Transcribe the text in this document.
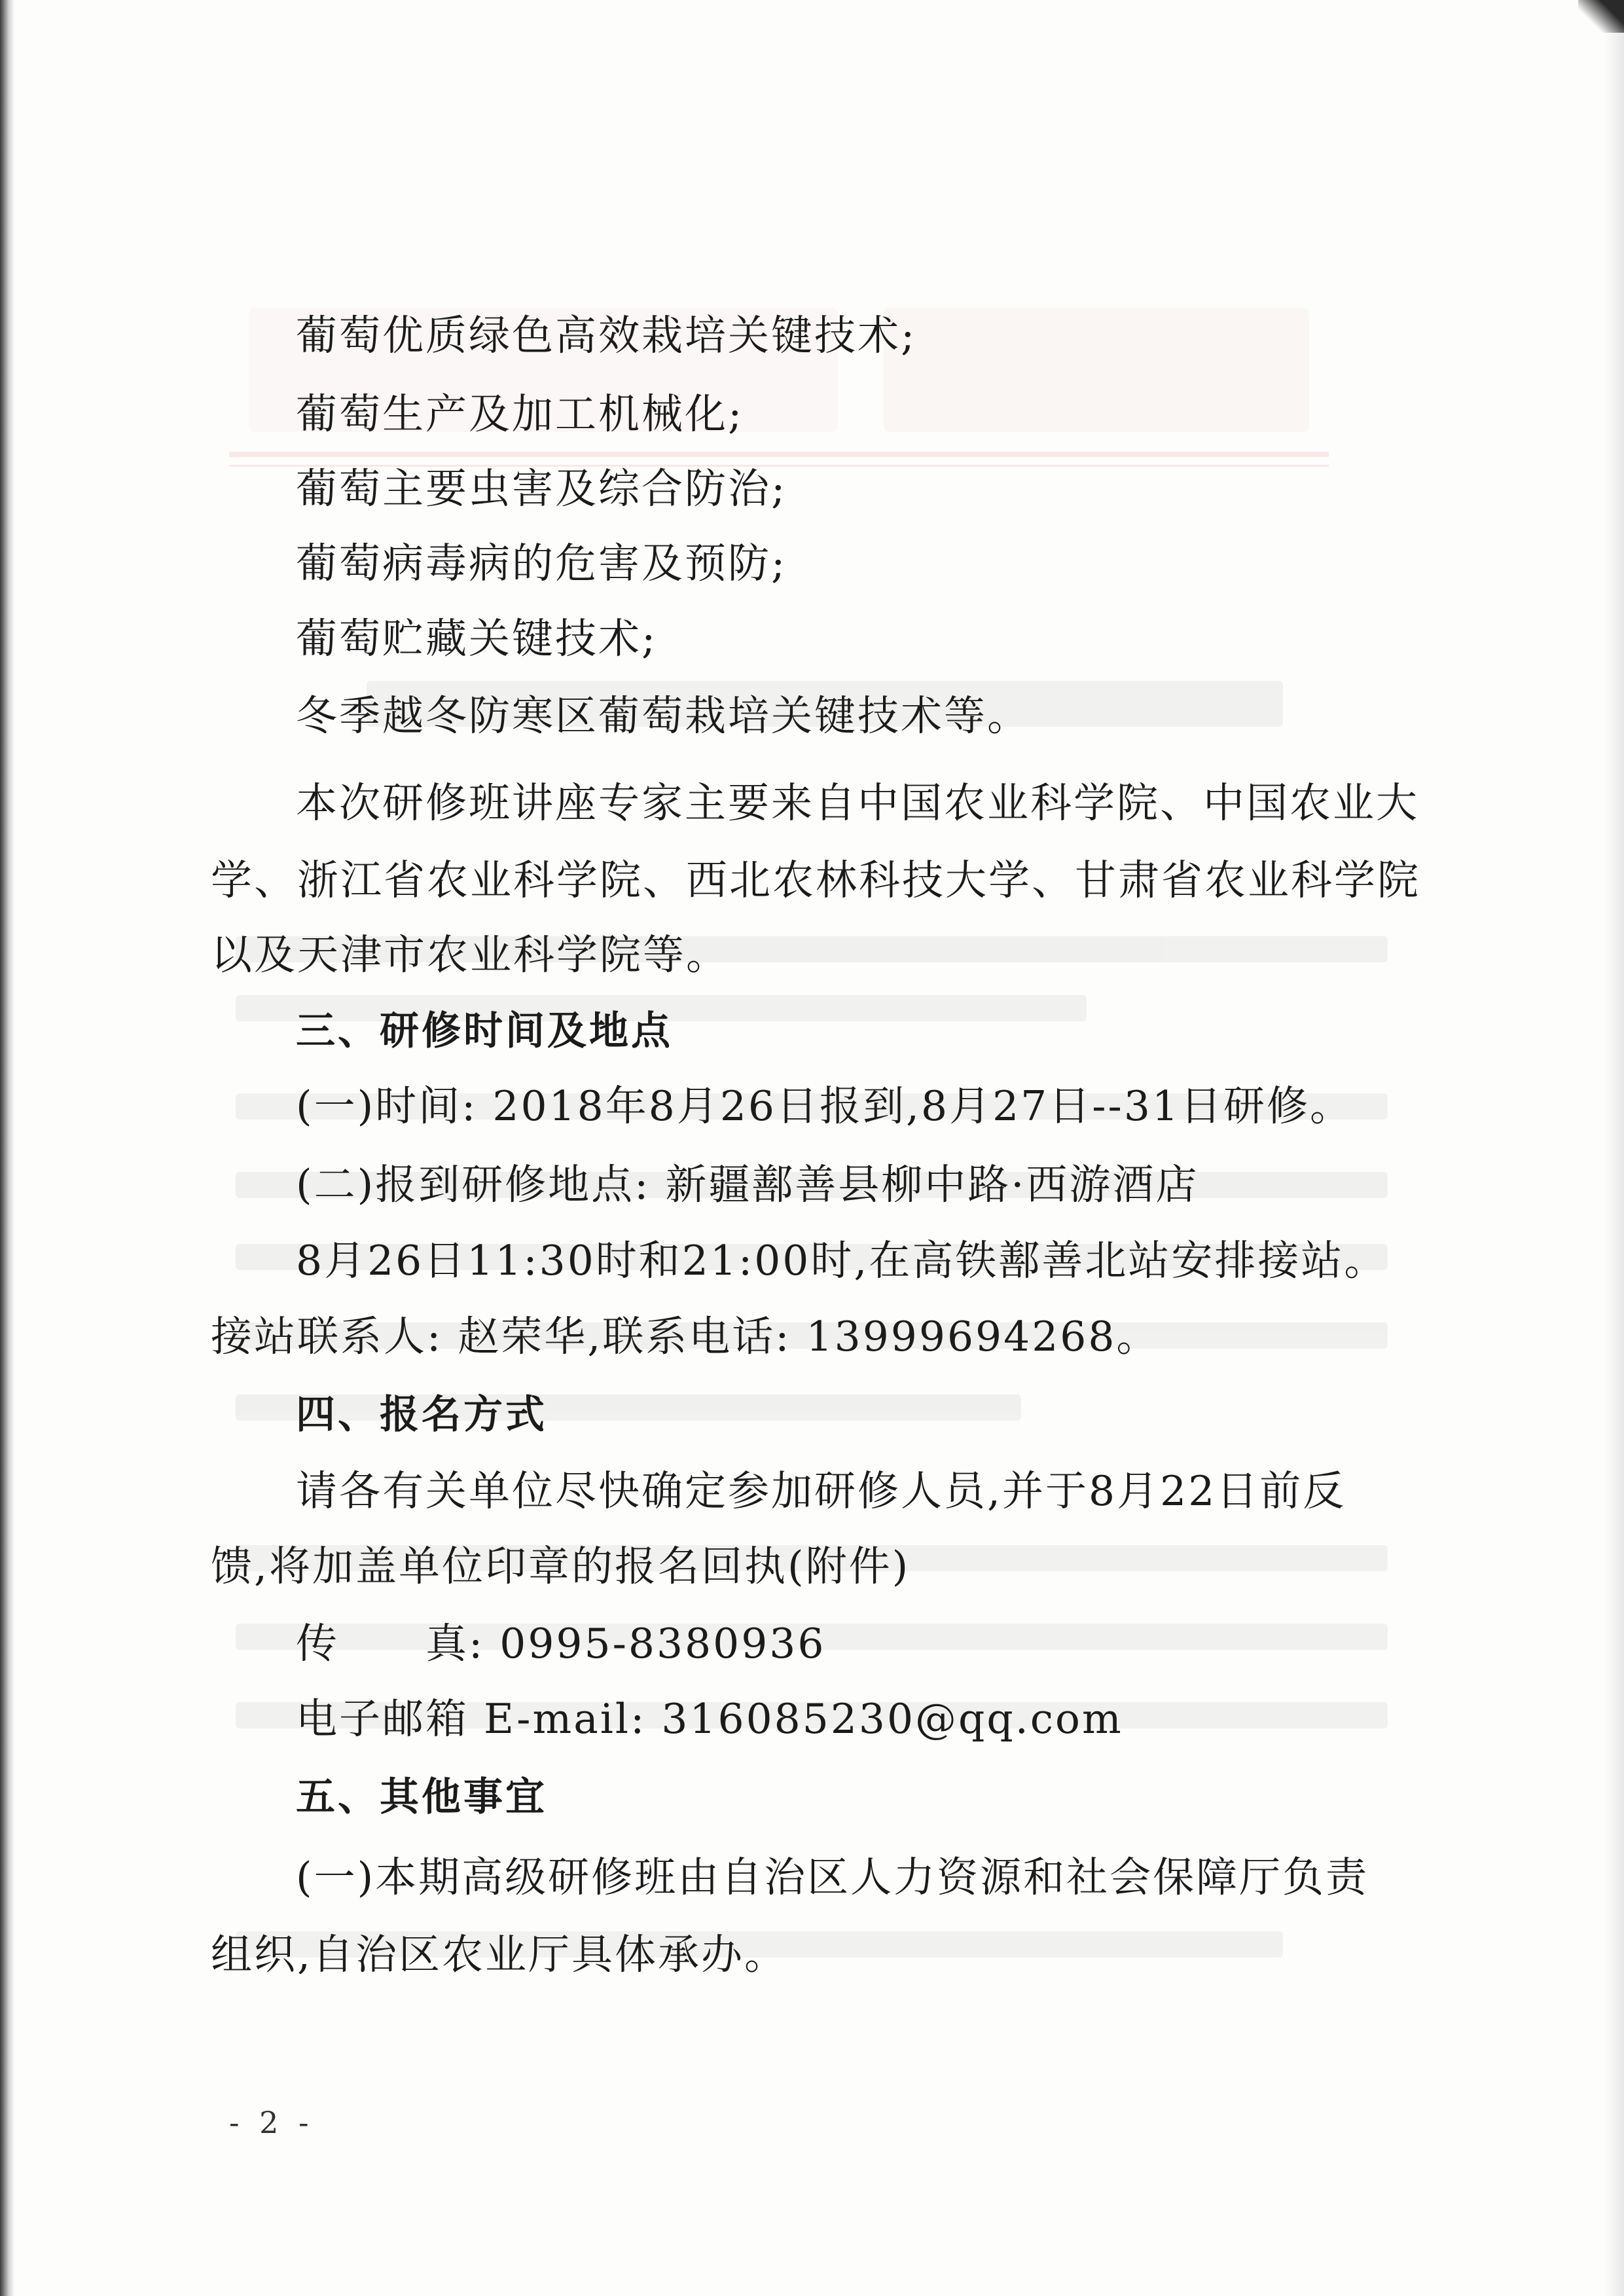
葡萄优质绿色高效栽培关键技术;
葡萄生产及加工机械化;
葡萄主要虫害及综合防治;
葡萄病毒病的危害及预防;
葡萄贮藏关键技术;
冬季越冬防寒区葡萄栽培关键技术等。
本次研修班讲座专家主要来自中国农业科学院、中国农业大
学、浙江省农业科学院、西北农林科技大学、甘肃省农业科学院
以及天津市农业科学院等。
三、研修时间及地点
(一)时间: 2018年8月26日报到,8月27日--31日研修。
(二)报到研修地点: 新疆鄯善县柳中路·西游酒店
8月26日11:30时和21:00时,在高铁鄯善北站安排接站。
接站联系人: 赵荣华,联系电话: 13999694268。
四、报名方式
请各有关单位尽快确定参加研修人员,并于8月22日前反
馈,将加盖单位印章的报名回执(附件)
传　　真: 0995-8380936
电子邮箱 E-mail: 316085230@qq.com
五、其他事宜
(一)本期高级研修班由自治区人力资源和社会保障厅负责
组织,自治区农业厅具体承办。
- 2 -
